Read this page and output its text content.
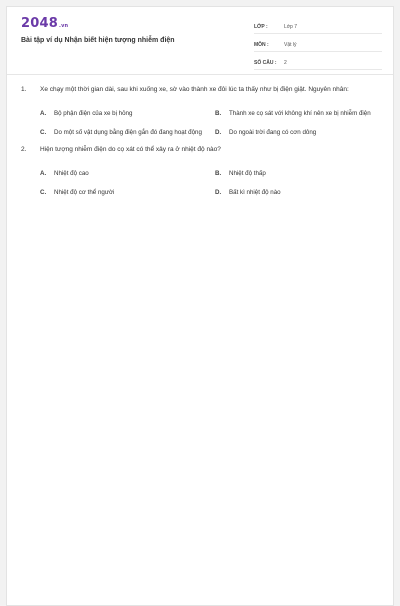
2048.vn
Bài tập ví dụ Nhận biết hiện tượng nhiễm điện
LỚP :	Lớp 7
MÔN :	Vật lý
SỐ CÂU :	2
1.	Xe chạy một thời gian dài, sau khi xuống xe, sờ vào thành xe đôi lúc ta thấy như bị điện giật. Nguyên nhân:
A.	Bộ phận điện của xe bị hỏng	B.	Thành xe cọ sát với không khí nên xe bị nhiễm điện
C.	Do một số vật dụng bằng điện gắn đó đang hoạt động	D.	Do ngoài trời đang có cơn dông
2.	Hiện tượng nhiễm điện do cọ xát có thể xảy ra ở nhiệt độ nào?
A.	Nhiệt độ cao	B.	Nhiệt độ thấp
C.	Nhiệt độ cơ thể người	D.	Bất kì nhiệt độ nào
